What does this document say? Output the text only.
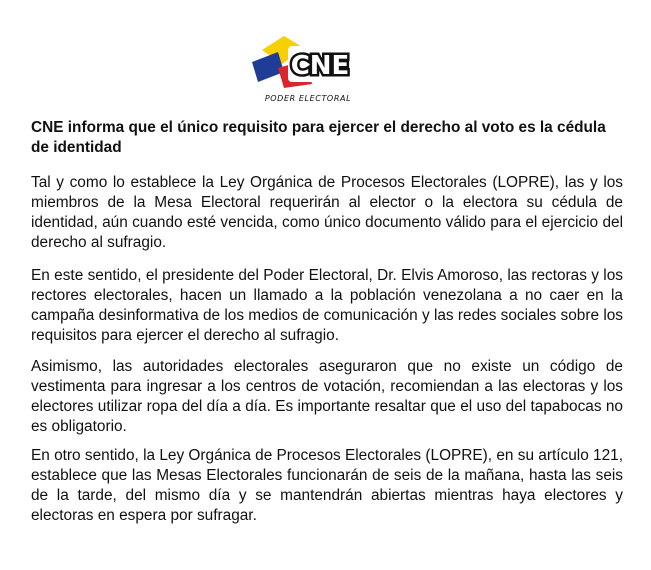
CNE
PODER ELECTORAL
CNE informa que el único requisito para ejercer el derecho al voto es la cédula de identidad

Tal y como lo establece la Ley Orgánica de Procesos Electorales (LOPRE), las y los miembros de la Mesa Electoral requerirán al elector o la electora su cédula de identidad, aún cuando esté vencida, como único documento válido para el ejercicio del derecho al sufragio.

En este sentido, el presidente del Poder Electoral, Dr. Elvis Amoroso, las rectoras y los rectores electorales, hacen un llamado a la población venezolana a no caer en la campaña desinformativa de los medios de comunicación y las redes sociales sobre los requisitos para ejercer el derecho al sufragio.

Asimismo, las autoridades electorales aseguraron que no existe un código de vestimenta para ingresar a los centros de votación, recomiendan a las electoras y los electores utilizar ropa del día a día. Es importante resaltar que el uso del tapabocas no es obligatorio.

En otro sentido, la Ley Orgánica de Procesos Electorales (LOPRE), en su artículo 121, establece que las Mesas Electorales funcionarán de seis de la mañana, hasta las seis de la tarde, del mismo día y se mantendrán abiertas mientras haya electores y electoras en espera por sufragar.
